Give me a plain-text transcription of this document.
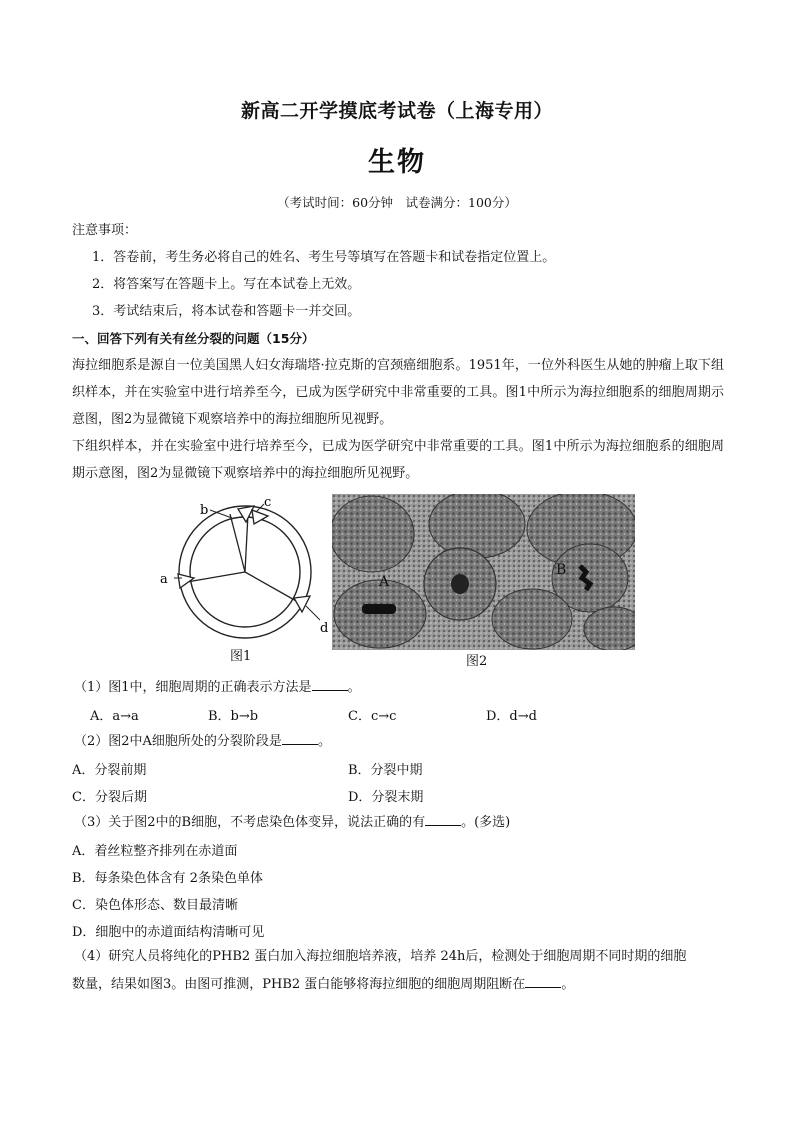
新高二开学摸底考试卷（上海专用）
生物
（考试时间：60分钟　试卷满分：100分）
注意事项：
1．答卷前，考生务必将自己的姓名、考生号等填写在答题卡和试卷指定位置上。
2．将答案写在答题卡上。写在本试卷上无效。
3．考试结束后，将本试卷和答题卡一并交回。
一、回答下列有关有丝分裂的问题（15分）
海拉细胞系是源自一位美国黑人妇女海瑞塔·拉克斯的宫颈癌细胞系。1951年，一位外科医生从她的肿瘤上取下组织样本，并在实验室中进行培养至今，已成为医学研究中非常重要的工具。图1中所示为海拉细胞系的细胞周期示意图，图2为显微镜下观察培养中的海拉细胞所见视野。
下组织样本，并在实验室中进行培养至今，已成为医学研究中非常重要的工具。图1中所示为海拉细胞系的细胞周期示意图，图2为显微镜下观察培养中的海拉细胞所见视野。
a
b
c
d
图1
A
B
图2
（1）图1中，细胞周期的正确表示方法是	。
A．a→a	B．b→b	C．c→c	D．d→d
（2）图2中A细胞所处的分裂阶段是	。
A．分裂前期	B．分裂中期
C．分裂后期	D．分裂末期
（3）关于图2中的B细胞，不考虑染色体变异，说法正确的有	。(多选)
A．着丝粒整齐排列在赤道面
B．每条染色体含有 2条染色单体
C．染色体形态、数目最清晰
D．细胞中的赤道面结构清晰可见
（4）研究人员将纯化的PHB2 蛋白加入海拉细胞培养液，培养 24h后，检测处于细胞周期不同时期的细胞
数量，结果如图3。由图可推测，PHB2 蛋白能够将海拉细胞的细胞周期阻断在	。
